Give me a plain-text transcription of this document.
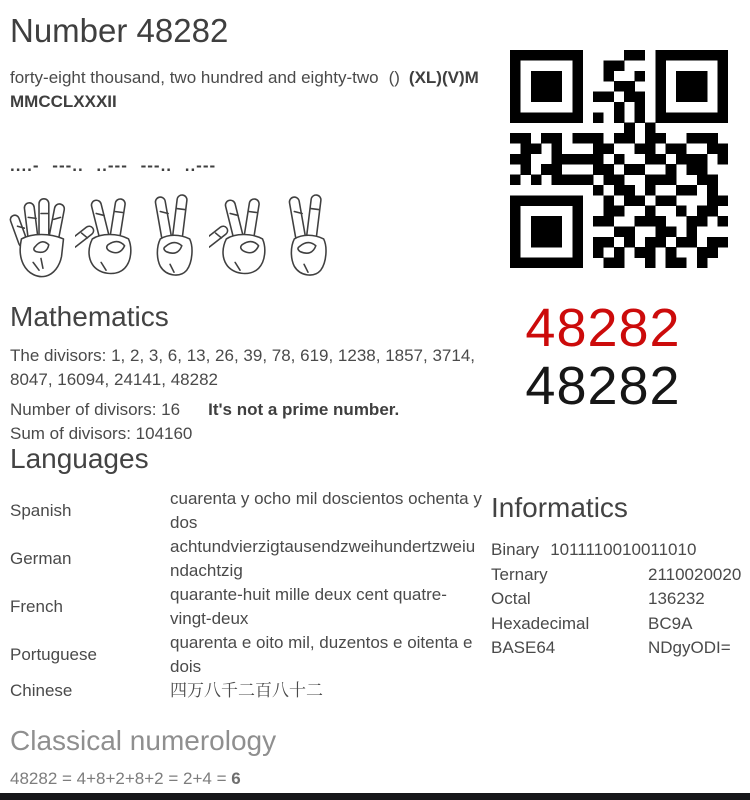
Number 48282

forty-eight thousand, two hundred and eighty-two () (XL)(V)MMMCCLXXXII

....- ---.. ..--- ---.. ..---
Mathematics
The divisors: 1, 2, 3, 6, 13, 26, 39, 78, 619, 1238, 1857, 3714, 8047, 16094, 24141, 48282
Number of divisors: 16 It's not a prime number.
Sum of divisors: 104160
48282
48282
Languages
Spanish
cuarenta y ocho mil doscientos ochenta y dos
German
achtundvierzigtausendzweihundertzweiundachtzig
French
quarante-huit mille deux cent quatre-vingt-deux
Portuguese
quarenta e oito mil, duzentos e oitenta e dois
Chinese	四万八千二百八十二
Informatics
Binary 1011110010011010
Ternary	2110020020
Octal	136232
Hexadecimal	BC9A
BASE64	NDgyODI=
Classical numerology
48282 = 4+8+2+8+2 = 2+4 = 6
